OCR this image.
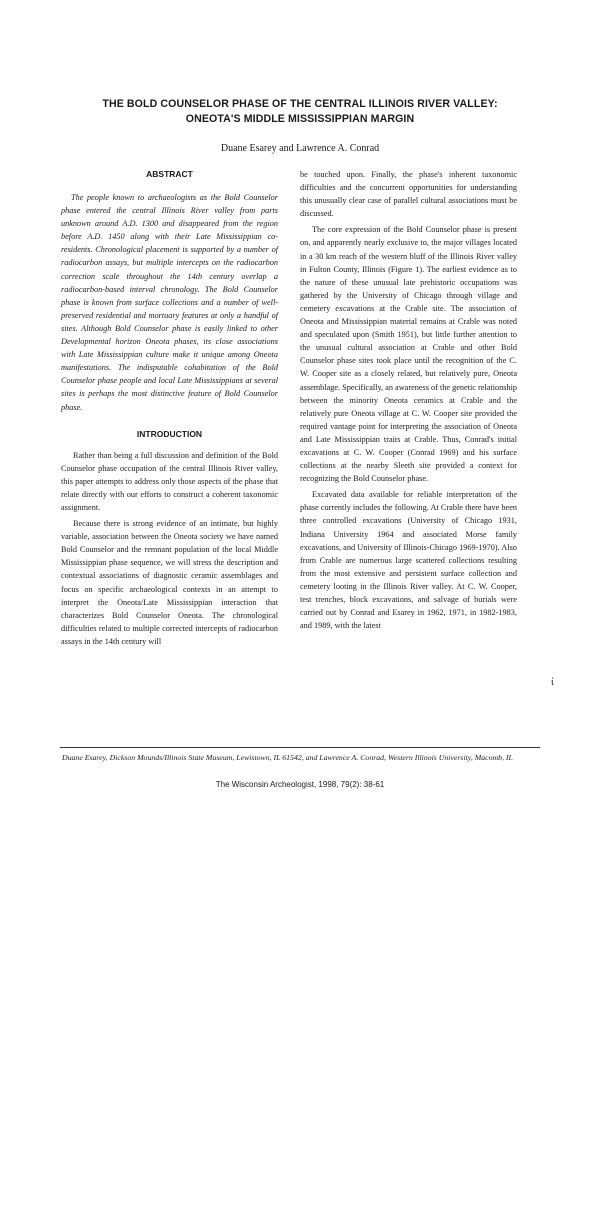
THE BOLD COUNSELOR PHASE OF THE CENTRAL ILLINOIS RIVER VALLEY:
ONEOTA'S MIDDLE MISSISSIPPIAN MARGIN
Duane Esarey and Lawrence A. Conrad
ABSTRACT

The people known to archaeologists as the Bold Counselor phase entered the central Illinois River valley from parts unknown around A.D. 1300 and disappeared from the region before A.D. 1450 along with their Late Mississippian co-residents. Chronological placement is supported by a number of radiocarbon assays, but multiple intercepts on the radiocarbon correction scale throughout the 14th century overlap a radiocarbon-based interval chronology. The Bold Counselor phase is known from surface collections and a number of well-preserved residential and mortuary features at only a handful of sites. Although Bold Counselor phase is easily linked to other Developmental horizon Oneota phases, its close associations with Late Mississippian culture make it unique among Oneota manifestations. The indisputable cohabitation of the Bold Counselor phase people and local Late Mississippians at several sites is perhaps the most distinctive feature of Bold Counselor phase.

INTRODUCTION

Rather than being a full discussion and definition of the Bold Counselor phase occupation of the central Illinois River valley, this paper attempts to address only those aspects of the phase that relate directly with our efforts to construct a coherent taxonomic assignment.

Because there is strong evidence of an intimate, but highly variable, association between the Oneota society we have named Bold Counselor and the remnant population of the local Middle Mississippian phase sequence, we will stress the description and contextual associations of diagnostic ceramic assemblages and focus on specific archaeological contexts in an attempt to interpret the Oneota/Late Mississippian interaction that characterizes Bold Counselor Oneota. The chronological difficulties related to multiple corrected intercepts of radiocarbon assays in the 14th century will

be touched upon. Finally, the phase's inherent taxonomic difficulties and the concurrent opportunities for understanding this unusually clear case of parallel cultural associations must be discussed.

The core expression of the Bold Counselor phase is present on, and apparently nearly exclusive to, the major villages located in a 30 km reach of the western bluff of the Illinois River valley in Fulton County, Illinois (Figure 1). The earliest evidence as to the nature of these unusual late prehistoric occupations was gathered by the University of Chicago through village and cemetery excavations at the Crable site. The association of Oneota and Mississippian material remains at Crable was noted and speculated upon (Smith 1951), but little further attention to the unusual cultural association at Crable and other Bold Counselor phase sites took place until the recognition of the C. W. Cooper site as a closely related, but relatively pure, Oneota assemblage. Specifically, an awareness of the genetic relationship between the minority Oneota ceramics at Crable and the relatively pure Oneota village at C. W. Cooper site provided the required vantage point for interpreting the association of Oneota and Late Mississippian traits at Crable. Thus, Conrad's initial excavations at C. W. Cooper (Conrad 1969) and his surface collections at the nearby Sleeth site provided a context for recognizing the Bold Counselor phase.

Excavated data available for reliable interpretation of the phase currently includes the following. At Crable there have been three controlled excavations (University of Chicago 1931, Indiana University 1964 and associated Morse family excavations, and University of Illinois-Chicago 1969-1970). Also from Crable are numerous large scattered collections resulting from the most extensive and persistent surface collection and cemetery looting in the Illinois River valley. At C. W. Cooper, test trenches, block excavations, and salvage of burials were carried out by Conrad and Esarey in 1962, 1971, in 1982-1983, and 1989, with the latest

Duane Esarey, Dickson Mounds/Illinois State Museum, Lewistown, IL 61542, and Lawrence A. Conrad, Western Illinois University, Macomb, IL
The Wisconsin Archeologist, 1998, 79(2): 38-61
ί
